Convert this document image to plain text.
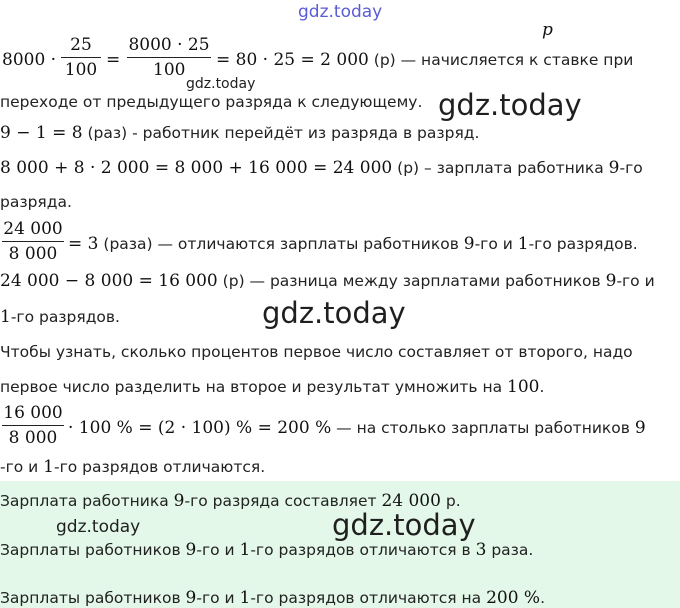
gdz.today
p
8000 ·
25
100 =
8000 · 25
100
gdz.today
= 80 · 25 = 2 000 (р) — начисляется к ставке при
переходе от предыдущего разряда к следующему. gdz.today
9 − 1 = 8 (раз) - работник перейдёт из разряда в разряд.
8 000 + 8 · 2 000 = 8 000 + 16 000 = 24 000 (р) – зарплата работника 9-го
разряда.
24 000
8 000 = 3 (раза) — отличаются зарплаты работников 9-го и 1-го разрядов.
24 000 − 8 000 = 16 000 (р) — разница между зарплатами работников 9-го и
1-го разрядов.	gdz.today
Чтобы узнать, сколько процентов первое число составляет от второго, надо
первое число разделить на второе и результат умножить на 100.
16 000
8 000 · 100 % = (2 · 100) % = 200 % — на столько зарплаты работников 9
-го и 1-го разрядов отличаются.
Зарплата работника 9-го разряда составляет 24 000 р.
gdz.today	gdz.today
Зарплаты работников 9-го и 1-го разрядов отличаются в 3 раза.
Зарплаты работников 9-го и 1-го разрядов отличаются на 200 %.
